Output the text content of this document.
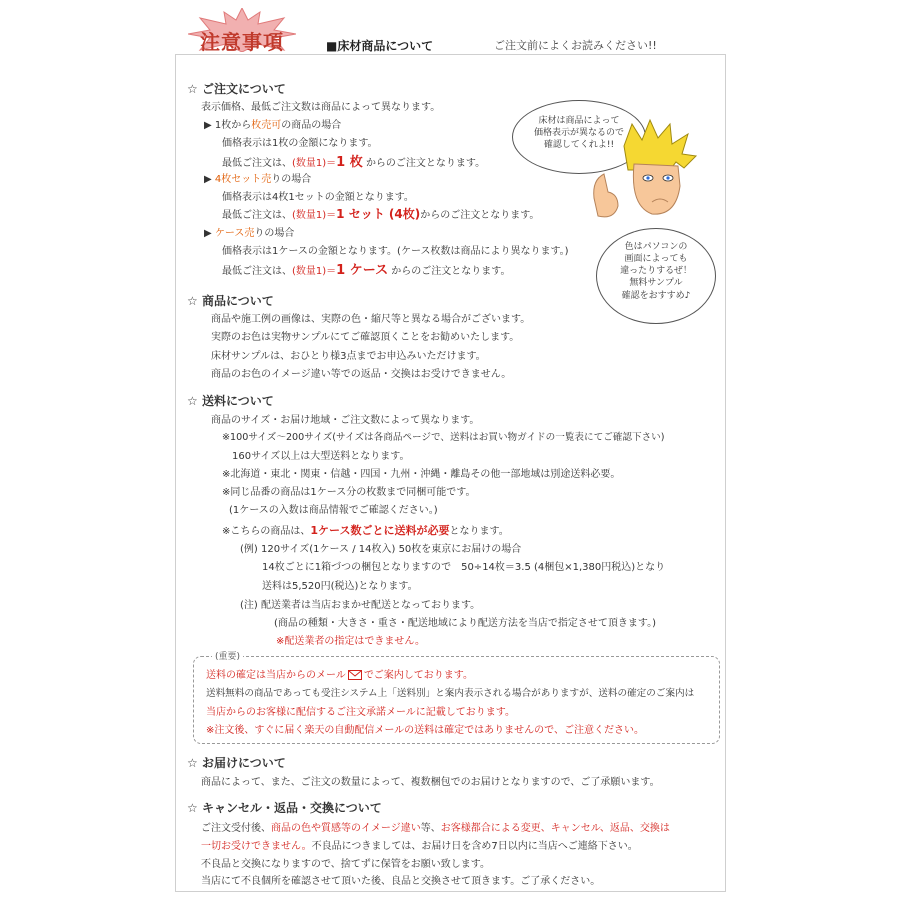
注意事項	■床材商品について	ご注文前によくお読みください!!
☆ ご注文について
表示価格、最低ご注文数は商品によって異なります。
▶ 1枚から枚売可の商品の場合
価格表示は1枚の金額になります。
最低ご注文は、(数量1)＝1 枚 からのご注文となります。
▶ 4枚セット売りの場合
価格表示は4枚1セットの金額となります。
最低ご注文は、(数量1)＝1 セット (4枚)からのご注文となります。
▶ ケース売りの場合
価格表示は1ケースの金額となります。(ケース枚数は商品により異なります。)
最低ご注文は、(数量1)＝1 ケース からのご注文となります。
床材は商品によって
価格表示が異なるので
確認してくれよ!!
色はパソコンの
画面によっても
違ったりするぜ！
無料サンプル
確認をおすすめ♪
☆ 商品について
商品や施工例の画像は、実際の色・縮尺等と異なる場合がございます。
実際のお色は実物サンプルにてご確認頂くことをお勧めいたします。
床材サンプルは、おひとり様3点までお申込みいただけます。
商品のお色のイメージ違い等での返品・交換はお受けできません。
☆ 送料について
商品のサイズ・お届け地域・ご注文数によって異なります。
※100サイズ～200サイズ(サイズは各商品ページで、送料はお買い物ガイドの一覧表にてご確認下さい)
160サイズ以上は大型送料となります。
※北海道・東北・関東・信越・四国・九州・沖縄・離島その他一部地域は別途送料必要。
※同じ品番の商品は1ケース分の枚数まで同梱可能です。
(1ケースの入数は商品情報でご確認ください。)
※こちらの商品は、1ケース数ごとに送料が必要となります。
(例) 120サイズ(1ケース / 14枚入) 50枚を東京にお届けの場合
14枚ごとに1箱づつの梱包となりますので　50÷14枚＝3.5 (4梱包×1,380円税込)となり
送料は5,520円(税込)となります。
(注) 配送業者は当店おまかせ配送となっております。
(商品の種類・大きさ・重さ・配送地域により配送方法を当店で指定させて頂きます。)
※配送業者の指定はできません。
(重要)
送料の確定は当店からのメール でご案内しております。
送料無料の商品であっても受注システム上「送料別」と案内表示される場合がありますが、送料の確定のご案内は
当店からのお客様に配信するご注文承諾メールに記載しております。
※注文後、すぐに届く楽天の自動配信メールの送料は確定ではありませんので、ご注意ください。
☆ お届けについて
商品によって、また、ご注文の数量によって、複数梱包でのお届けとなりますので、ご了承願います。
☆ キャンセル・返品・交換について
ご注文受付後、商品の色や質感等のイメージ違い等、お客様都合による変更、キャンセル、返品、交換は
一切お受けできません。不良品につきましては、お届け日を含め7日以内に当店へご連絡下さい。
不良品と交換になりますので、捨てずに保管をお願い致します。
当店にて不良個所を確認させて頂いた後、良品と交換させて頂きます。ご了承ください。
